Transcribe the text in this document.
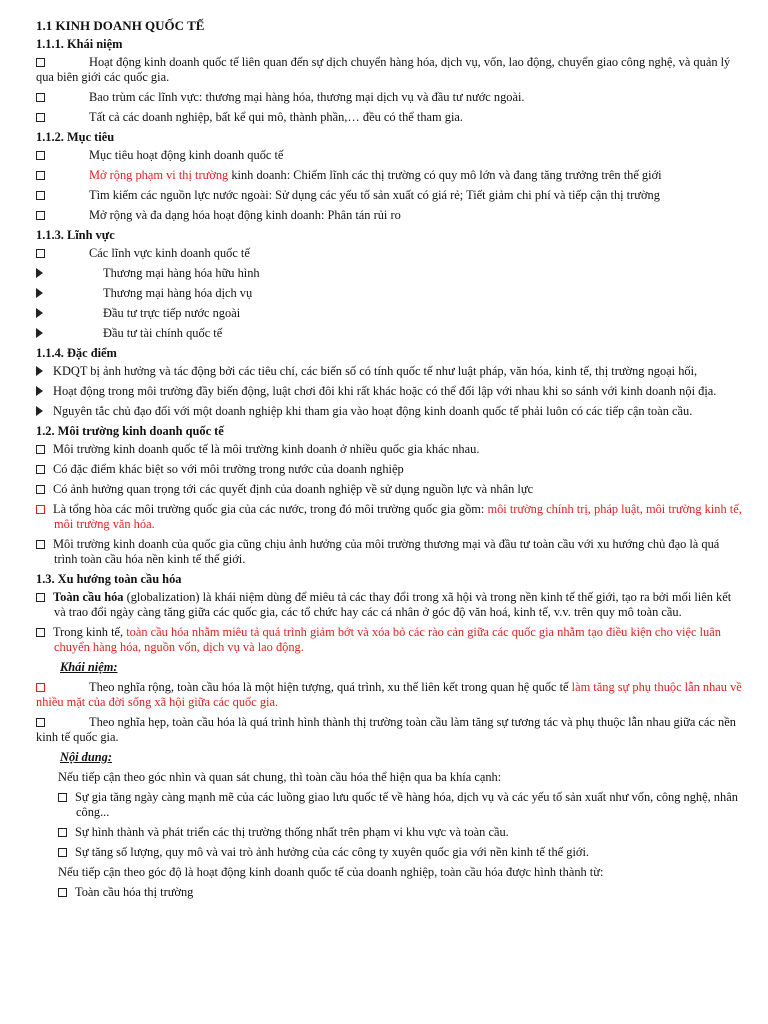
1.1 KINH DOANH QUỐC TẾ
1.1.1. Khái niệm
Hoạt động kinh doanh quốc tế liên quan đến sự dịch chuyển hàng hóa, dịch vụ, vốn, lao động, chuyển giao công nghệ, và quản lý qua biên giới các quốc gia.
Bao trùm các lĩnh vực: thương mại hàng hóa, thương mại dịch vụ và đầu tư nước ngoài.
Tất cả các doanh nghiệp, bất kể qui mô, thành phần,… đều có thể tham gia.
1.1.2. Mục tiêu
Mục tiêu hoạt động kinh doanh quốc tế
Mở rộng phạm vi thị trường kinh doanh: Chiếm lĩnh các thị trường có quy mô lớn và đang tăng trưởng trên thế giới
Tìm kiếm các nguồn lực nước ngoài: Sử dụng các yếu tố sản xuất có giá rẻ; Tiết giảm chi phí và tiếp cận thị trường
Mở rộng và đa dạng hóa hoạt động kinh doanh: Phân tán rủi ro
1.1.3. Lĩnh vực
Các lĩnh vực kinh doanh quốc tế
Thương mại hàng hóa hữu hình
Thương mại hàng hóa dịch vụ
Đầu tư trực tiếp nước ngoài
Đầu tư tài chính quốc tế
1.1.4. Đặc điểm
KDQT bị ảnh hưởng và tác động bởi các tiêu chí, các biến số có tính quốc tế như luật pháp, văn hóa, kinh tế, thị trường ngoại hối,
Hoạt động trong môi trường đầy biến động, luật chơi đôi khi rất khác hoặc có thể đối lập với nhau khi so sánh với kinh doanh nội địa.
Nguyên tắc chủ đạo đối với một doanh nghiệp khi tham gia vào hoạt động kinh doanh quốc tế phải luôn có các tiếp cận toàn cầu.
1.2. Môi trường kinh doanh quốc tế
Môi trường kinh doanh quốc tế là môi trường kinh doanh ở nhiều quốc gia khác nhau.
Có đặc điểm khác biệt so với môi trường trong nước của doanh nghiệp
Có ảnh hưởng quan trọng tới các quyết định của doanh nghiệp về sử dụng nguồn lực và nhân lực
Là tổng hòa các môi trường quốc gia của các nước, trong đó môi trường quốc gia gồm: môi trường chính trị, pháp luật, môi trường kinh tế, môi trường văn hóa.
Môi trường kinh doanh của quốc gia cũng chịu ảnh hưởng của môi trường thương mại và đầu tư toàn cầu với xu hướng chủ đạo là quá trình toàn cầu hóa nền kinh tế thế giới.
1.3. Xu hướng toàn cầu hóa
Toàn cầu hóa (globalization) là khái niệm dùng để miêu tả các thay đổi trong xã hội và trong nền kinh tế thế giới, tạo ra bởi mối liên kết và trao đổi ngày càng tăng giữa các quốc gia, các tổ chức hay các cá nhân ở góc độ văn hoá, kinh tế, v.v. trên quy mô toàn cầu.
Trong kinh tế, toàn cầu hóa nhằm miêu tả quá trình giảm bớt và xóa bỏ các rào cản giữa các quốc gia nhằm tạo điều kiện cho việc luân chuyển hàng hóa, nguồn vốn, dịch vụ và lao động.
Khái niệm:
Theo nghĩa rộng, toàn cầu hóa là một hiện tượng, quá trình, xu thế liên kết trong quan hệ quốc tế làm tăng sự phụ thuộc lẫn nhau về nhiều mặt của đời sống xã hội giữa các quốc gia.
Theo nghĩa hẹp, toàn cầu hóa là quá trình hình thành thị trường toàn cầu làm tăng sự tương tác và phụ thuộc lẫn nhau giữa các nền kinh tế quốc gia.
Nội dung:
Nếu tiếp cận theo góc nhìn và quan sát chung, thì toàn cầu hóa thể hiện qua ba khía cạnh:
Sự gia tăng ngày càng mạnh mẽ của các luồng giao lưu quốc tế về hàng hóa, dịch vụ và các yếu tố sản xuất như vốn, công nghệ, nhân công...
Sự hình thành và phát triển các thị trường thống nhất trên phạm vi khu vực và toàn cầu.
Sự tăng số lượng, quy mô và vai trò ảnh hưởng của các công ty xuyên quốc gia với nền kinh tế thế giới.
Nếu tiếp cận theo góc độ là hoạt động kinh doanh quốc tế của doanh nghiệp, toàn cầu hóa được hình thành từ:
Toàn cầu hóa thị trường
